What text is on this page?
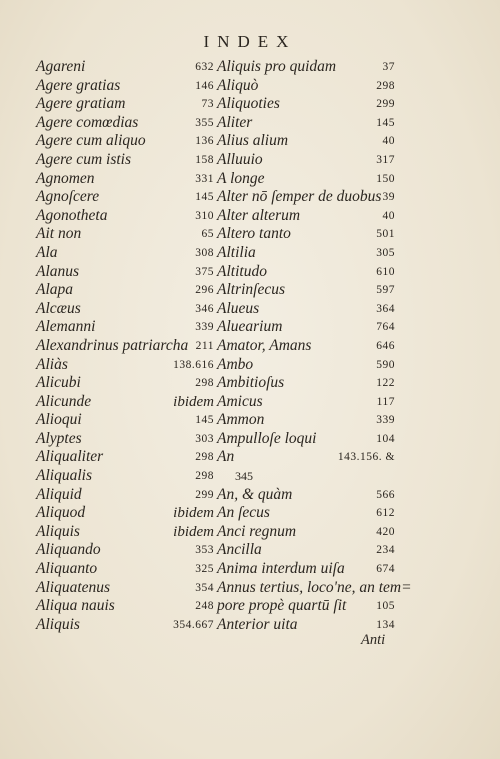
INDEX
Agareni	632
Agere gratias	146
Agere gratiam	73
Agere comœdias	355
Agere cum aliquo	136
Agere cum istis	158
Agnomen	331
Agnoſcere	145
Agonotheta	310
Ait non	65
Ala	308
Alanus	375
Alapa	296
Alcæus	346
Alemanni	339
Alexandrinus patriarcha 211
Aliàs	138.616
Alicubi	298
Alicunde	ibidem
Alioqui	145
Alyptes	303
Aliqualiter	298
Aliqualis	298
Aliquid	299
Aliquod	ibidem
Aliquis	ibidem
Aliquando	353
Aliquanto	325
Aliquatenus	354
Aliqua nauis	248
Aliquis	354.667
Aliquis pro quidam	37
Aliquò	298
Aliquoties	299
Aliter	145
Alius alium	40
Alluuio	317
A longe	150
Alter nō ſemper de duobus 39
Alter alterum	40
Altero tanto	501
Altilia	305
Altitudo	610
Altrinſecus	597
Alueus	364
Aluearium	764
Amator, Amans	646
Ambo	590
Ambitioſus	122
Amicus	117
Ammon	339
Ampulloſe loqui	104
An	143.156. &
345
An, & quàm	566
An ſecus	612
Anci regnum	420
Ancilla	234
Anima interdum uiſa	674
Annus tertius, loco'ne, an tem=
pore propè quartū ſit	105
Anterior uita	134
Anti
